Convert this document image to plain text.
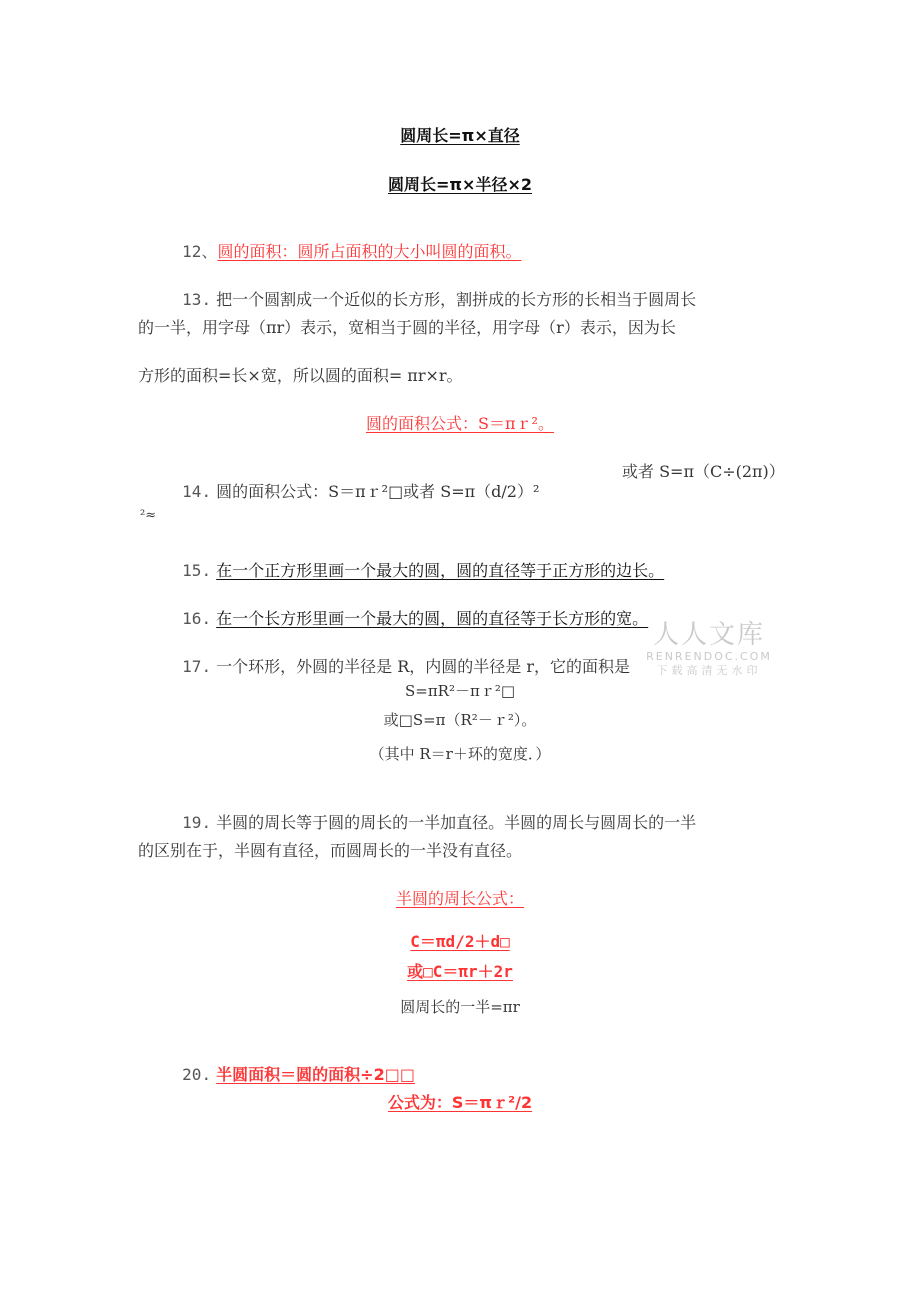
圆周长=π×直径
圆周长=π×半径×2

12、圆的面积：圆所占面积的大小叫圆的面积。

13. 把一个圆割成一个近似的长方形，割拼成的长方形的长相当于圆周长

的一半，用字母（πr）表示，宽相当于圆的半径，用字母（r）表示，因为长
方形的面积=长×宽，所以圆的面积= πr×r。
圆的面积公式：S＝πｒ²。

14. 圆的面积公式：S＝πｒ²□或者 S=π（d/2）²

或者 S=π（C÷(2π)）
²≈

15. 在一个正方形里画一个最大的圆，圆的直径等于正方形的边长。

16. 在一个长方形里画一个最大的圆，圆的直径等于长方形的宽。

17. 一个环形，外圆的半径是 R，内圆的半径是 r，它的面积是

S=πR²－πｒ²□
或□S=π（R²－ｒ²）。
（其中 R＝r＋环的宽度．）
人人文库
RENRENDOC.COM
下载高清无水印

19. 半圆的周长等于圆的周长的一半加直径。半圆的周长与圆周长的一半

的区别在于，半圆有直径，而圆周长的一半没有直径。
半圆的周长公式：
C＝πd/2＋d□
或□C＝πr＋2r
圆周长的一半=πr

20. 半圆面积＝圆的面积÷2□□

公式为：S＝πｒ²/2
